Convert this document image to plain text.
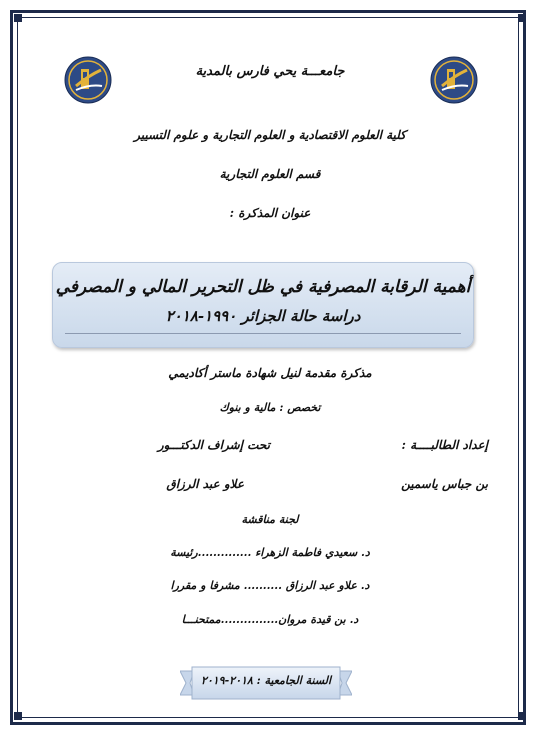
جامعـــة يحي فارس بالمدية
كلية العلوم الاقتصادية و العلوم التجارية و علوم التسيير
قسم العلوم التجارية
عنوان المذكرة :
أهمية الرقابة المصرفية في ظل التحرير المالي و المصرفي
دراسة حالة الجزائر ١٩٩٠-٢٠١٨
مذكرة مقدمة لنيل شهادة ماستر أكاديمي
تخصص : مالية و بنوك
إعداد الطالبــــة :
تحت إشراف الدكتـــور
بن جباس ياسمين
علاو عبد الرزاق
لجنة مناقشة
د. سعيدي فاطمة الزهراء ..............رئيسة
د. علاو عبد الرزاق .......... مشرفا و مقررا
د. بن قيدة مروان...............ممتحنـــا
السنة الجامعية : ٢٠١٨-٢٠١٩
